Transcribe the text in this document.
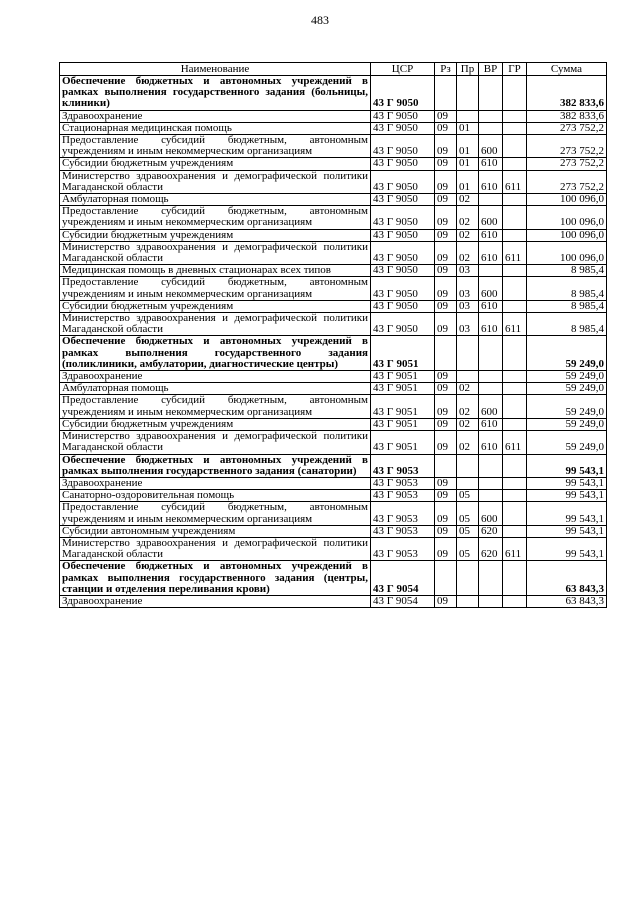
483
Наименование	ЦСР	Рз	Пр	ВР	ГР	Сумма
Обеспечение бюджетных и автономных учреждений в рамках выполнения государственного задания (больницы, клиники)	43 Г 9050					382 833,6
Здравоохранение	43 Г 9050	09				382 833,6
Стационарная медицинская помощь	43 Г 9050	09	01			273 752,2
Предоставление субсидий бюджетным, автономным учреждениям и иным некоммерческим организациям	43 Г 9050	09	01	600		273 752,2
Субсидии бюджетным учреждениям	43 Г 9050	09	01	610		273 752,2
Министерство здравоохранения и демографической политики Магаданской области	43 Г 9050	09	01	610	611	273 752,2
Амбулаторная помощь	43 Г 9050	09	02			100 096,0
Предоставление субсидий бюджетным, автономным учреждениям и иным некоммерческим организациям	43 Г 9050	09	02	600		100 096,0
Субсидии бюджетным учреждениям	43 Г 9050	09	02	610		100 096,0
Министерство здравоохранения и демографической политики Магаданской области	43 Г 9050	09	02	610	611	100 096,0
Медицинская помощь в дневных стационарах всех типов	43 Г 9050	09	03			8 985,4
Предоставление субсидий бюджетным, автономным учреждениям и иным некоммерческим организациям	43 Г 9050	09	03	600		8 985,4
Субсидии бюджетным учреждениям	43 Г 9050	09	03	610		8 985,4
Министерство здравоохранения и демографической политики Магаданской области	43 Г 9050	09	03	610	611	8 985,4
Обеспечение бюджетных и автономных учреждений в рамках выполнения государственного задания (поликлиники, амбулатории, диагностические центры)	43 Г 9051					59 249,0
Здравоохранение	43 Г 9051	09				59 249,0
Амбулаторная помощь	43 Г 9051	09	02			59 249,0
Предоставление субсидий бюджетным, автономным учреждениям и иным некоммерческим организациям	43 Г 9051	09	02	600		59 249,0
Субсидии бюджетным учреждениям	43 Г 9051	09	02	610		59 249,0
Министерство здравоохранения и демографической политики Магаданской области	43 Г 9051	09	02	610	611	59 249,0
Обеспечение бюджетных и автономных учреждений в рамках выполнения государственного задания (санатории)	43 Г 9053					99 543,1
Здравоохранение	43 Г 9053	09				99 543,1
Санаторно-оздоровительная помощь	43 Г 9053	09	05			99 543,1
Предоставление субсидий бюджетным, автономным учреждениям и иным некоммерческим организациям	43 Г 9053	09	05	600		99 543,1
Субсидии автономным учреждениям	43 Г 9053	09	05	620		99 543,1
Министерство здравоохранения и демографической политики Магаданской области	43 Г 9053	09	05	620	611	99 543,1
Обеспечение бюджетных и автономных учреждений в рамках выполнения государственного задания (центры, станции и отделения переливания крови)	43 Г 9054					63 843,3
Здравоохранение	43 Г 9054	09				63 843,3
